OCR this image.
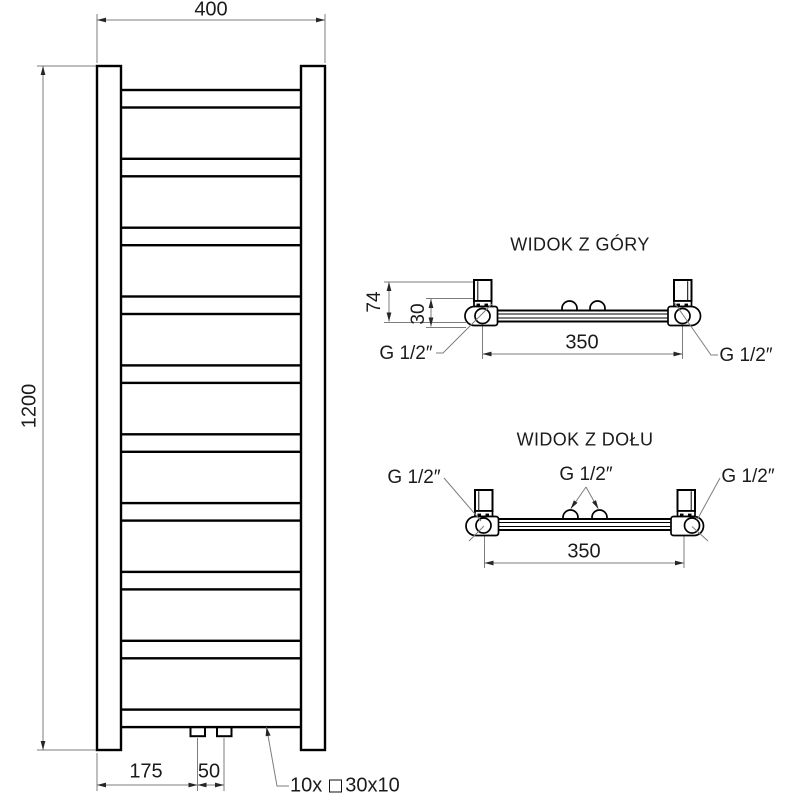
400
1200
175 50
10x 30x10
WIDOK Z GÓRY
74
30
350
G 1/2″	G 1/2″
WIDOK Z DOŁU
G 1/2″	G 1/2″	G 1/2″
350
